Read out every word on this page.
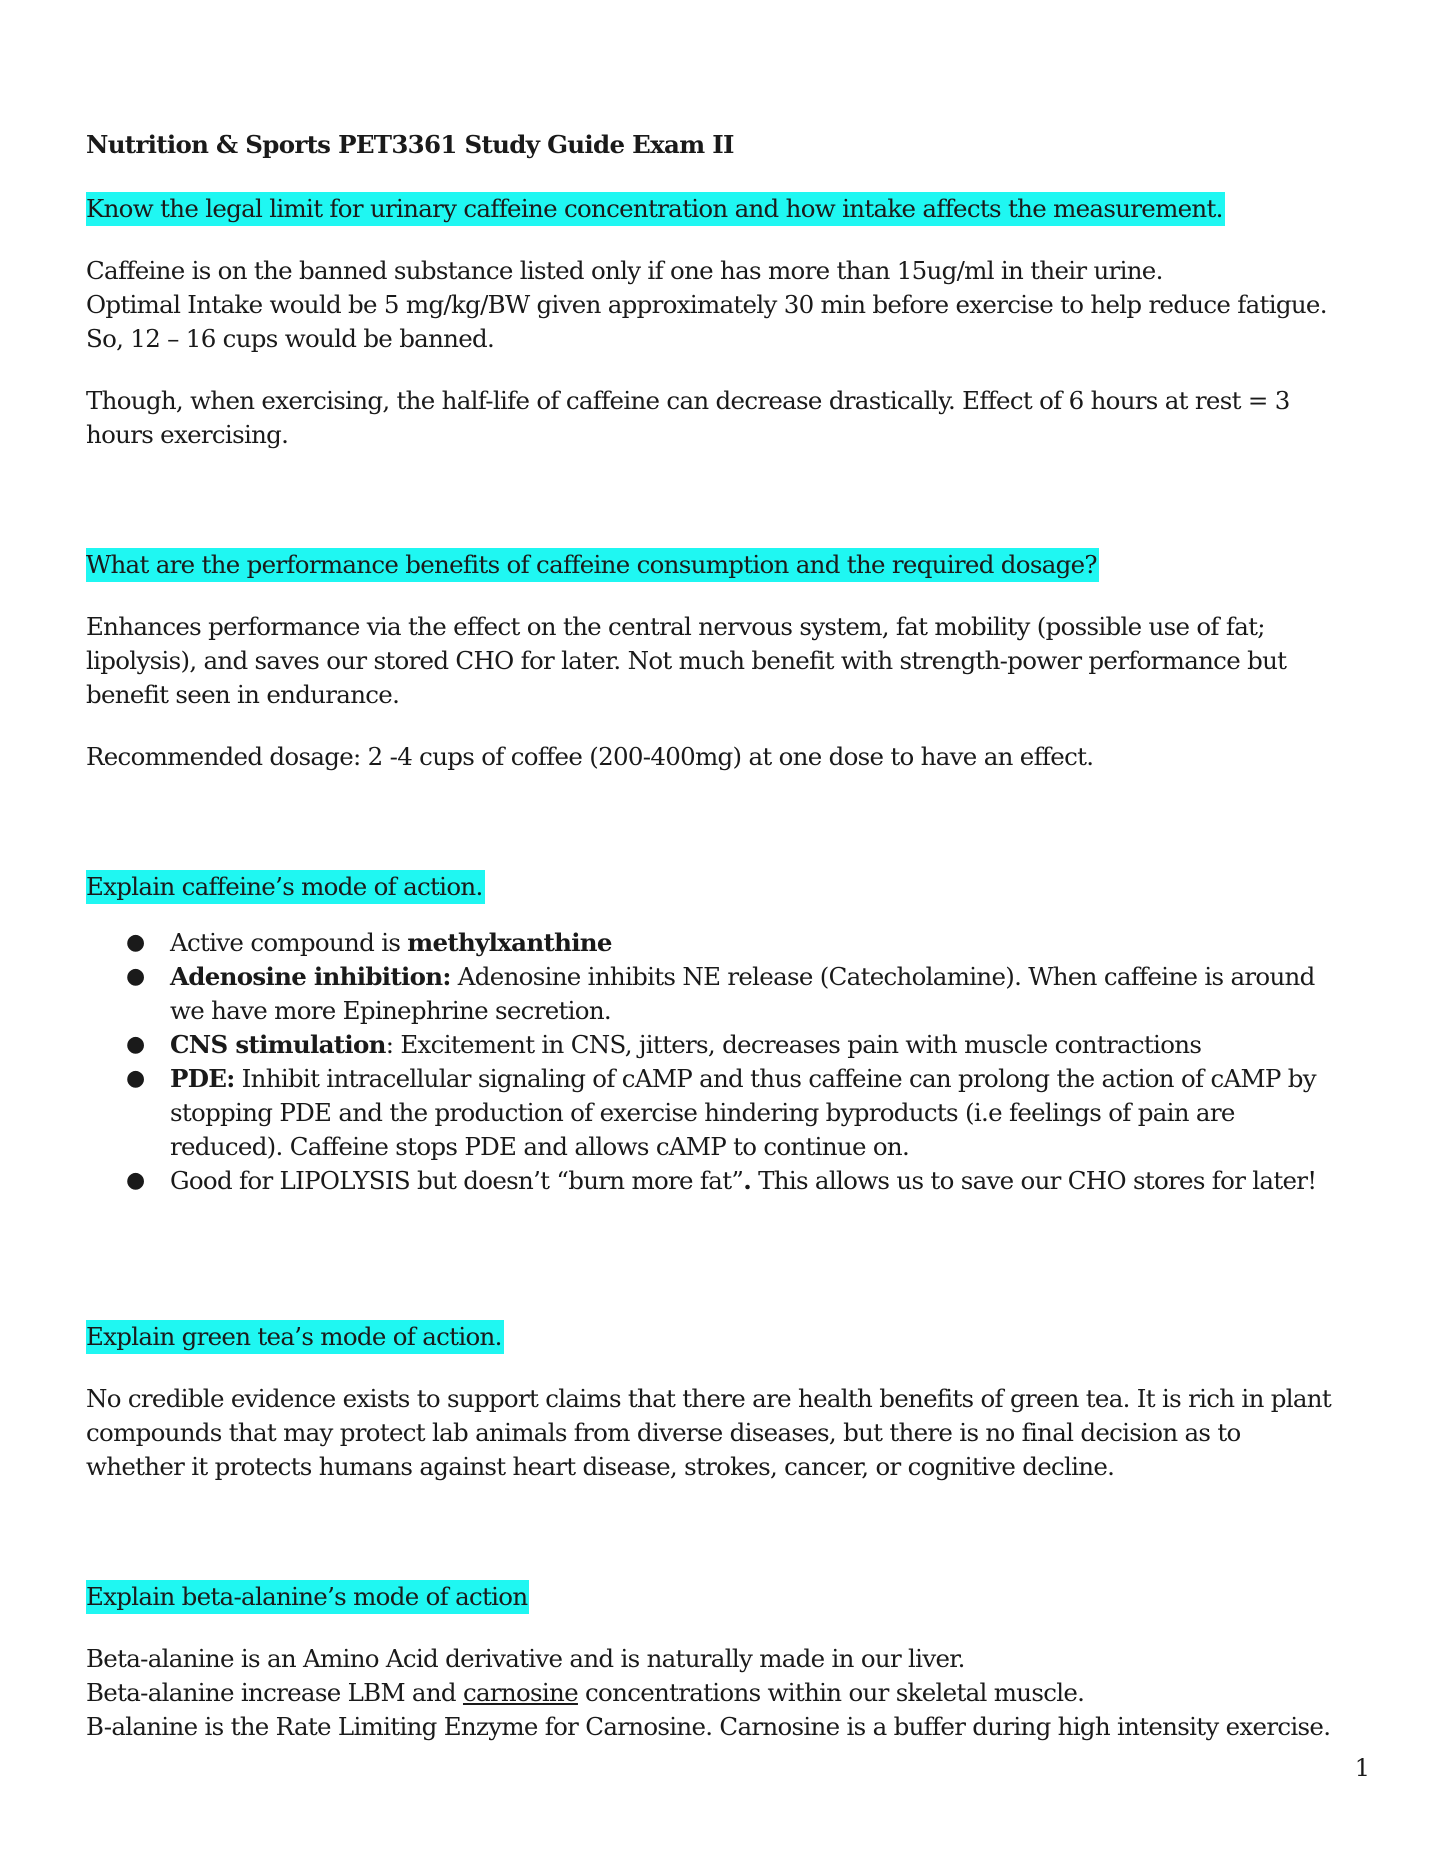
Nutrition & Sports PET3361 Study Guide Exam II
Know the legal limit for urinary caffeine concentration and how intake affects the measurement.
Caffeine is on the banned substance listed only if one has more than 15ug/ml in their urine.
Optimal Intake would be 5 mg/kg/BW given approximately 30 min before exercise to help reduce fatigue.
So, 12 – 16 cups would be banned.
Though, when exercising, the half-life of caffeine can decrease drastically. Effect of 6 hours at rest = 3
hours exercising.
What are the performance benefits of caffeine consumption and the required dosage?
Enhances performance via the effect on the central nervous system, fat mobility (possible use of fat;
lipolysis), and saves our stored CHO for later. Not much benefit with strength-power performance but
benefit seen in endurance.
Recommended dosage: 2 -4 cups of coffee (200-400mg) at one dose to have an effect.
Explain caffeine’s mode of action.
● Active compound is methylxanthine
● Adenosine inhibition: Adenosine inhibits NE release (Catecholamine). When caffeine is around
we have more Epinephrine secretion.
● CNS stimulation: Excitement in CNS, jitters, decreases pain with muscle contractions
● PDE: Inhibit intracellular signaling of cAMP and thus caffeine can prolong the action of cAMP by
stopping PDE and the production of exercise hindering byproducts (i.e feelings of pain are
reduced). Caffeine stops PDE and allows cAMP to continue on.
● Good for LIPOLYSIS but doesn’t “burn more fat”. This allows us to save our CHO stores for later!
Explain green tea’s mode of action.
No credible evidence exists to support claims that there are health benefits of green tea. It is rich in plant
compounds that may protect lab animals from diverse diseases, but there is no final decision as to
whether it protects humans against heart disease, strokes, cancer, or cognitive decline.
Explain beta-alanine’s mode of action
Beta-alanine is an Amino Acid derivative and is naturally made in our liver.
Beta-alanine increase LBM and carnosine concentrations within our skeletal muscle.
B-alanine is the Rate Limiting Enzyme for Carnosine. Carnosine is a buffer during high intensity exercise.
1
